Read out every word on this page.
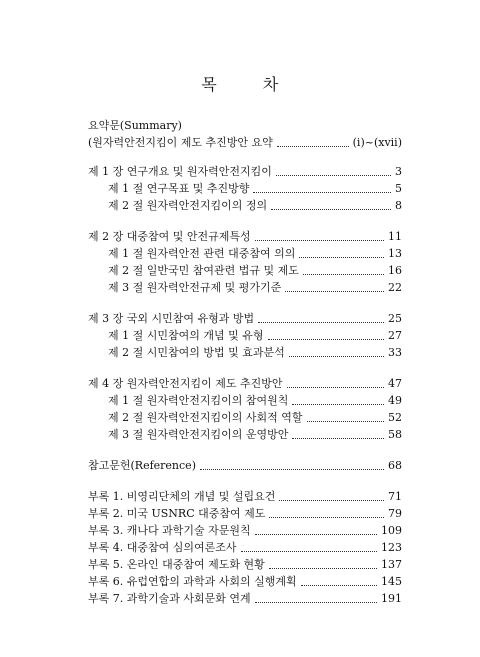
목 차
요약문(Summary)
(원자력안전지킴이 제도 추진방안 요약	(i)~(xvii)
제 1 장 연구개요 및 원자력안전지킴이	3
제 1 절 연구목표 및 추진방향	5
제 2 절 원자력안전지킴이의 정의	8
제 2 장 대중참여 및 안전규제특성	11
제 1 절 원자력안전 관련 대중참여 의의	13
제 2 절 일반국민 참여관련 법규 및 제도	16
제 3 절 원자력안전규제 및 평가기준	22
제 3 장 국외 시민참여 유형과 방법	25
제 1 절 시민참여의 개념 및 유형	27
제 2 절 시민참여의 방법 및 효과분석	33
제 4 장 원자력안전지킴이 제도 추진방안	47
제 1 절 원자력안전지킴이의 참여원칙	49
제 2 절 원자력안전지킴이의 사회적 역할	52
제 3 절 원자력안전지킴이의 운영방안	58
참고문헌(Reference)	68
부록 1. 비영리단체의 개념 및 설립요건	71
부록 2. 미국 USNRC 대중참여 제도	79
부록 3. 캐나다 과학기술 자문원칙	109
부록 4. 대중참여 심의여론조사	123
부록 5. 온라인 대중참여 제도화 현황	137
부록 6. 유럽연합의 과학과 사회의 실행계획	145
부록 7. 과학기술과 사회문화 연계	191
